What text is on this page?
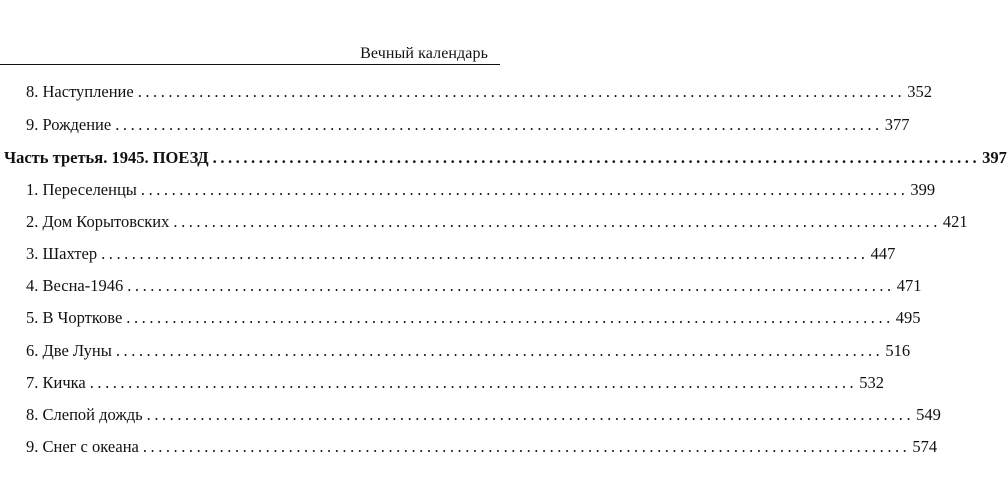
Вечный календарь
8. Наступление .................................................................................................... 352
9. Рождение .................................................................................................... 377
Часть третья. 1945. ПОЕЗД .................................................................................................... 397
1. Переселенцы .................................................................................................... 399
2. Дом Корытовских .................................................................................................... 421
3. Шахтер .................................................................................................... 447
4. Весна-1946 .................................................................................................... 471
5. В Чорткове .................................................................................................... 495
6. Две Луны .................................................................................................... 516
7. Кичка .................................................................................................... 532
8. Слепой дождь .................................................................................................... 549
9. Снег с океана .................................................................................................... 574
